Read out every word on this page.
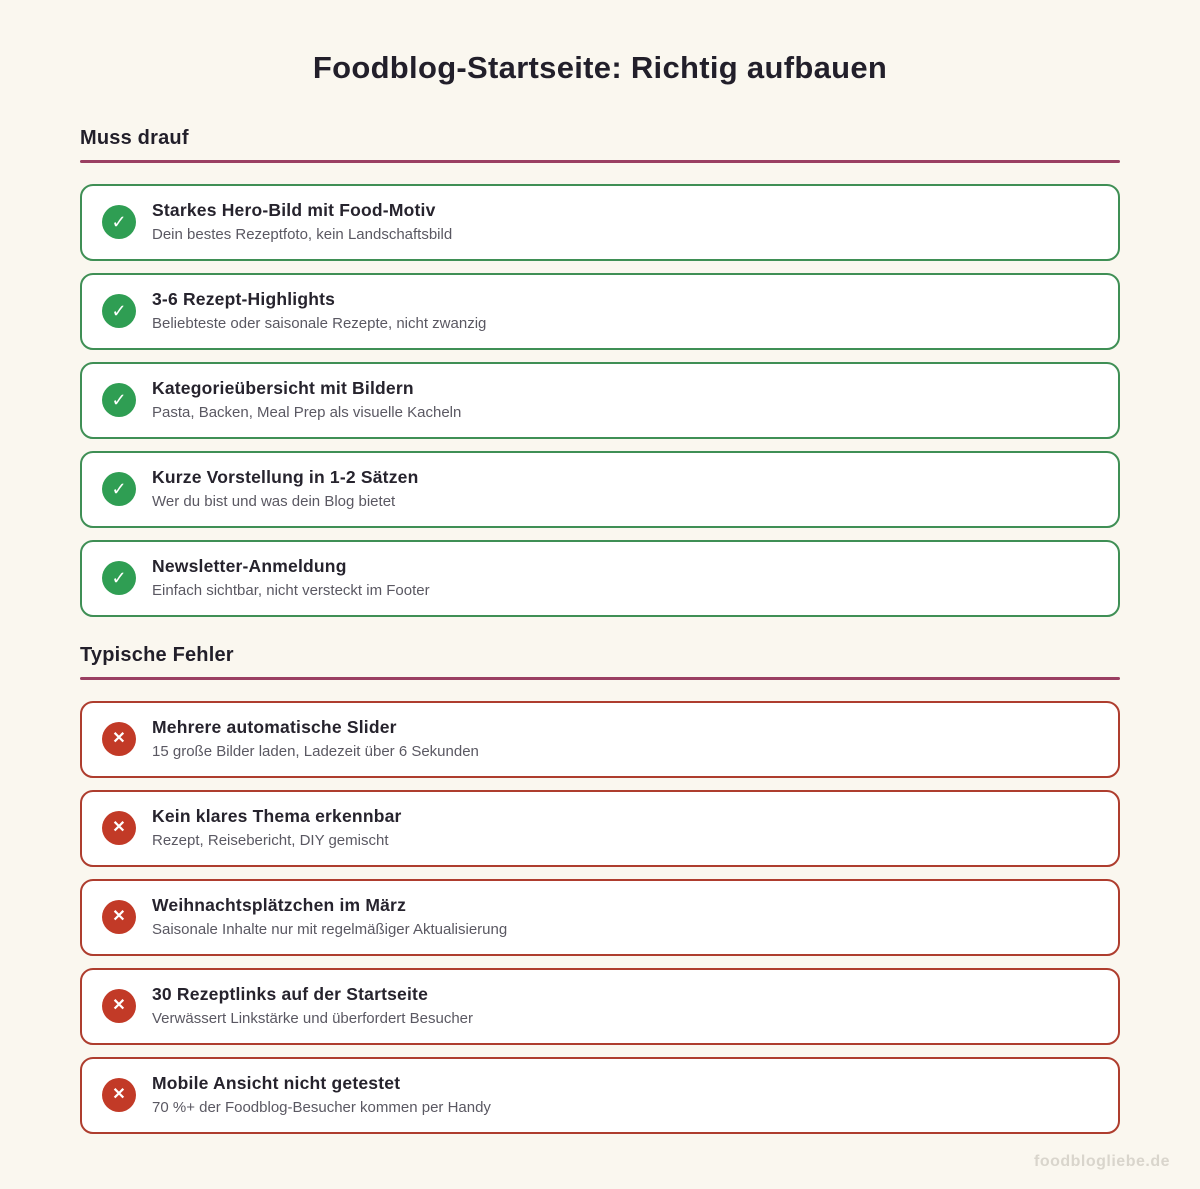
Foodblog-Startseite: Richtig aufbauen
Muss drauf
✓
Starkes Hero-Bild mit Food-Motiv
Dein bestes Rezeptfoto, kein Landschaftsbild
✓
3-6 Rezept-Highlights
Beliebteste oder saisonale Rezepte, nicht zwanzig
✓
Kategorieübersicht mit Bildern
Pasta, Backen, Meal Prep als visuelle Kacheln
✓
Kurze Vorstellung in 1-2 Sätzen
Wer du bist und was dein Blog bietet
✓
Newsletter-Anmeldung
Einfach sichtbar, nicht versteckt im Footer
Typische Fehler
✕
Mehrere automatische Slider
15 große Bilder laden, Ladezeit über 6 Sekunden
✕
Kein klares Thema erkennbar
Rezept, Reisebericht, DIY gemischt
✕
Weihnachtsplätzchen im März
Saisonale Inhalte nur mit regelmäßiger Aktualisierung
✕
30 Rezeptlinks auf der Startseite
Verwässert Linkstärke und überfordert Besucher
✕
Mobile Ansicht nicht getestet
70 %+ der Foodblog-Besucher kommen per Handy
foodblogliebe.de
